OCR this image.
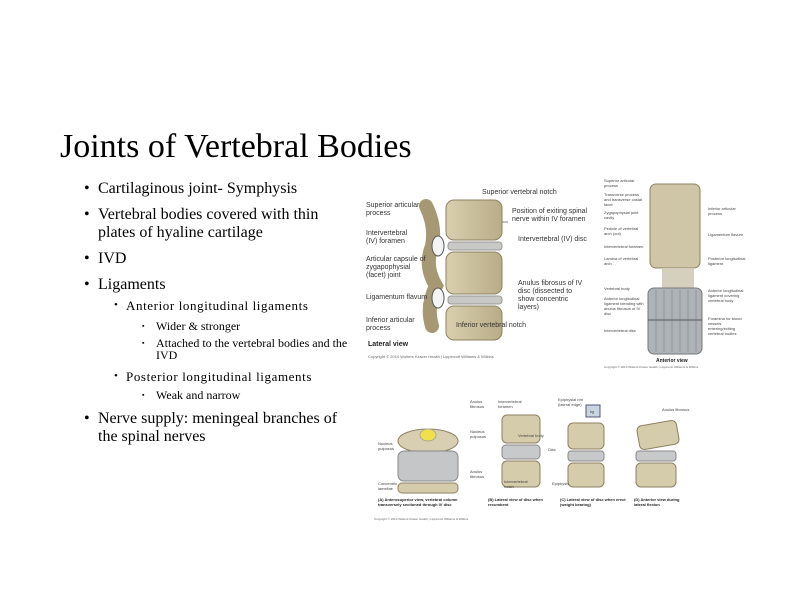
Joints of Vertebral Bodies
• Cartilaginous joint- Symphysis
• Vertebral bodies covered with thin plates of hyaline cartilage
• IVD
• Ligaments
• Anterior longitudinal ligaments
▪ Wider & stronger
▪ Attached to the vertebral bodies and the IVD
• Posterior longitudinal ligaments
▪ Weak and narrow
• Nerve supply: meningeal branches of the spinal nerves
Superior vertebral notch
Superior articular process
Intervertebral (IV) foramen
Articular capsule of zygapophysial (facet) joint
Ligamentum flavum
Inferior articular process
Position of exiting spinal nerve within IV foramen
Intervertebral (IV) disc
Anulus fibrosus of IV disc (dissected to show concentric layers)
Inferior vertebral notch
Lateral view
Copyright © 2010 Wolters Kluwer Health | Lippincott Williams & Wilkins
Superior articular process
Transverse process and transverse costal facet
Zygapophysial joint cavity
Pedicle of vertebral arch (cut)
Intervertebral foramen
Lamina of vertebral arch
Vertebral body
Anterior longitudinal ligament blending with anulus fibrosus of IV disc
Intervertebral disc
Inferior articular process
Ligamentum flavum
Posterior longitudinal ligament
Anterior longitudinal ligament covering vertebral body
Foramina for blood vessels entering/exiting vertebral bodies
Anterior view
Copyright © 2010 Wolters Kluwer Health | Lippincott Williams & Wilkins
Nucleus pulposus
Concentric lamellae
Anulus fibrosus
Nucleus pulposus
Anulus fibrosus
Intervertebral foramen
Vertebral body
Disc
Intervertebral notch
Epiphysis
Epiphysial rim (lateral edge)
kg	Anulus fibrosus
(A) Anterosuperior view, vertebral column transversely sectioned through IV disc
(B) Lateral view of disc when recumbent
(C) Lateral view of disc when erect (weight bearing)
(D) Anterior view during lateral flexion
Copyright © 2010 Wolters Kluwer Health | Lippincott Williams & Wilkins
